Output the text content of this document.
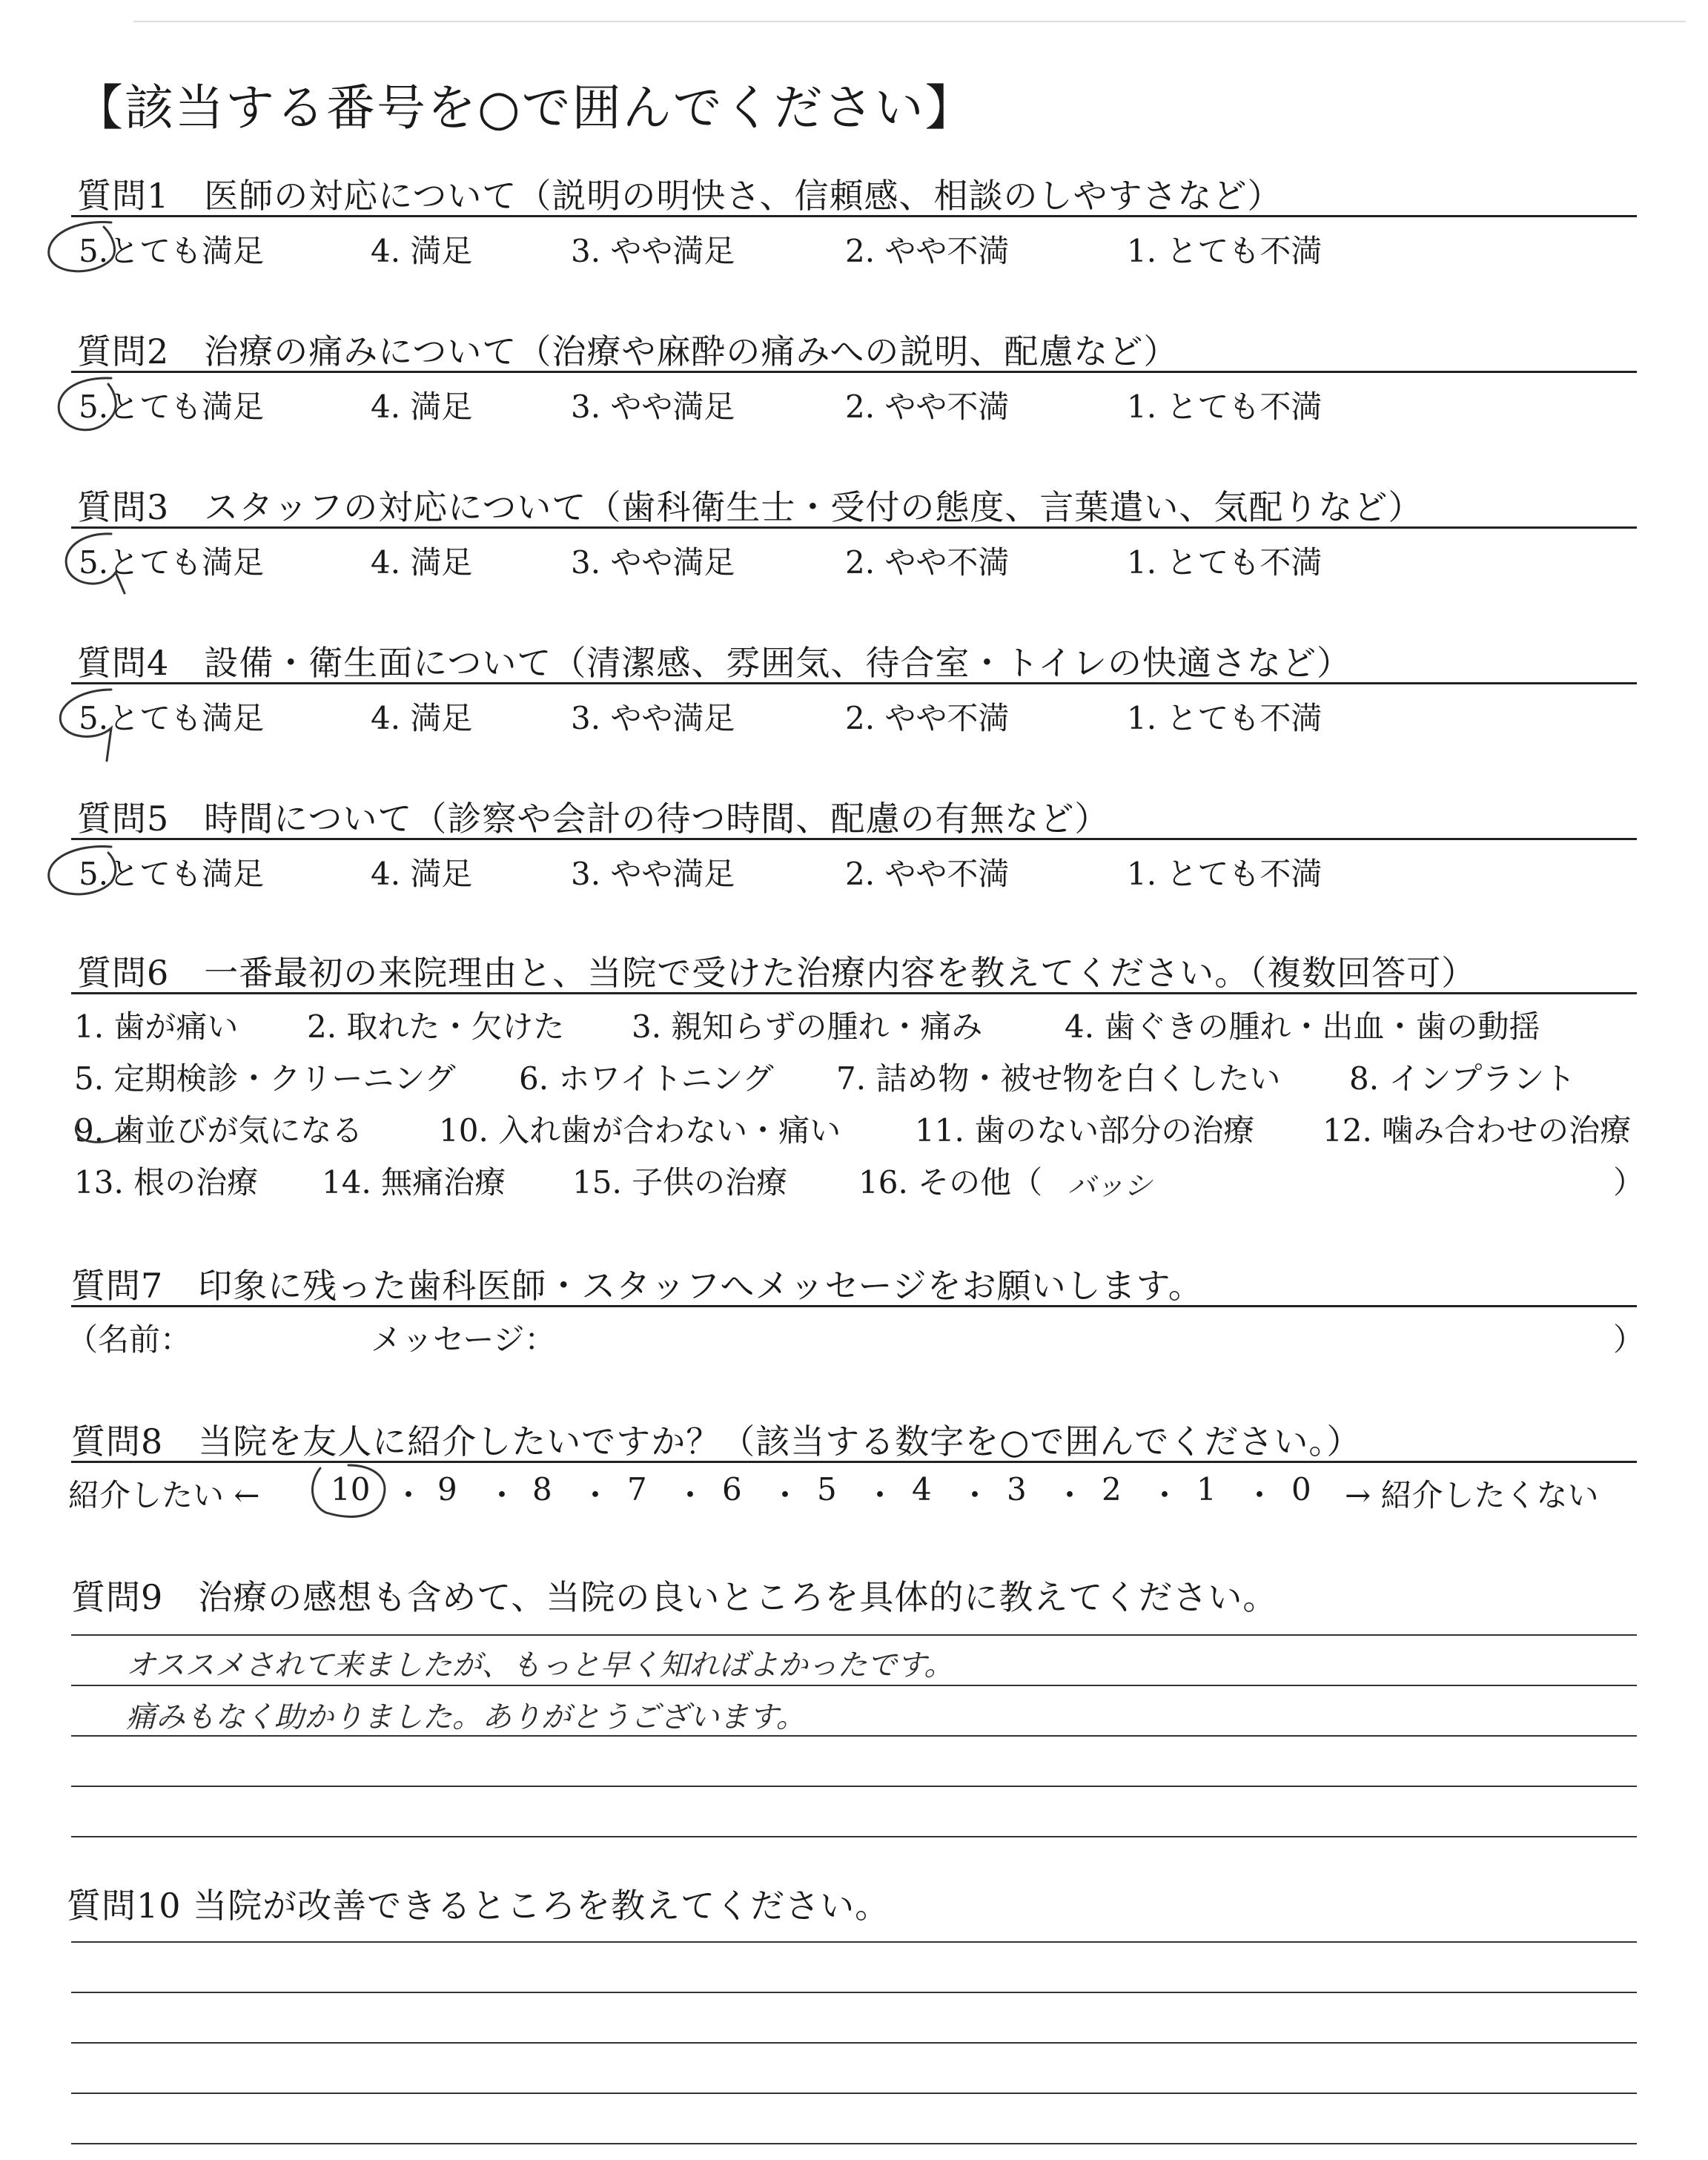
【該当する番号を○で囲んでください】
質問1　医師の対応について（説明の明快さ、信頼感、相談のしやすさなど）
5.とても満足	4. 満足	3. やや満足	2. やや不満	1. とても不満
質問2　治療の痛みについて（治療や麻酔の痛みへの説明、配慮など）
5.とても満足	4. 満足	3. やや満足	2. やや不満	1. とても不満
質問3　スタッフの対応について（歯科衛生士・受付の態度、言葉遣い、気配りなど）
5.とても満足	4. 満足	3. やや満足	2. やや不満	1. とても不満
質問4　設備・衛生面について（清潔感、雰囲気、待合室・トイレの快適さなど）
5.とても満足	4. 満足	3. やや満足	2. やや不満	1. とても不満
質問5　時間について（診察や会計の待つ時間、配慮の有無など）
5.とても満足	4. 満足	3. やや満足	2. やや不満	1. とても不満
質問6　一番最初の来院理由と、当院で受けた治療内容を教えてください。（複数回答可）
1. 歯が痛い 2. 取れた・欠けた 3. 親知らずの腫れ・痛み	4. 歯ぐきの腫れ・出血・歯の動揺
5. 定期検診・クリーニング 6. ホワイトニング 7. 詰め物・被せ物を白くしたい 8. インプラント
9. 歯並びが気になる 10. 入れ歯が合わない・痛い 11. 歯のない部分の治療 12. 噛み合わせの治療
13. 根の治療 14. 無痛治療 15. 子供の治療 16. その他（ バッシ	）
質問7　印象に残った歯科医師・スタッフへメッセージをお願いします。
（名前：	メッセージ：	）
質問8　当院を友人に紹介したいですか？（該当する数字を○で囲んでください。）
紹介したい ← 10 ・ 9 ・ 8 ・ 7 ・ 6 ・ 5 ・ 4 ・ 3 ・ 2 ・ 1 ・ 0 → 紹介したくない
質問9　治療の感想も含めて、当院の良いところを具体的に教えてください。
オススメされて来ましたが、もっと早く知ればよかったです。
痛みもなく助かりました。ありがとうございます。
質問10 当院が改善できるところを教えてください。
